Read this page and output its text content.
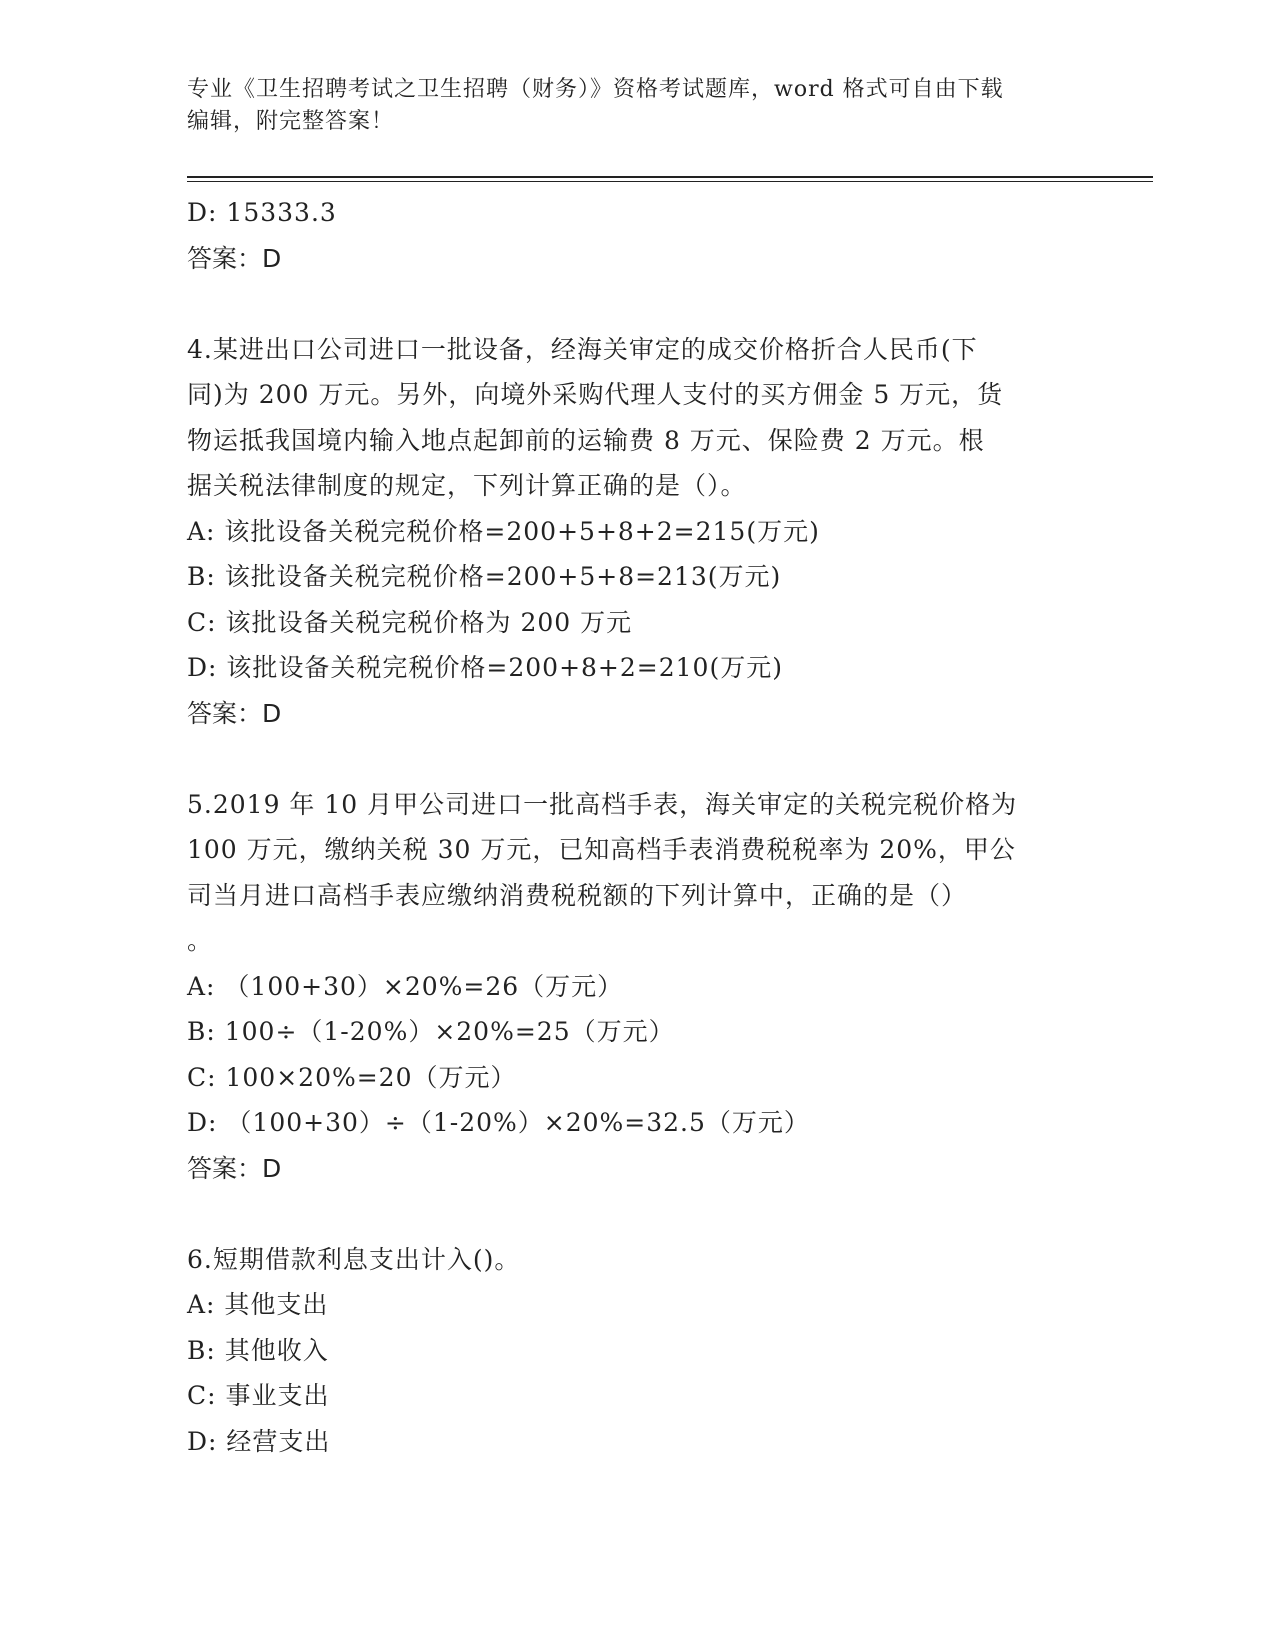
专业《卫生招聘考试之卫生招聘（财务）》资格考试题库，word 格式可自由下载
编辑，附完整答案！
D: 15333.3
答案：D
4.某进出口公司进口一批设备，经海关审定的成交价格折合人民币(下
同)为 200 万元。另外，向境外采购代理人支付的买方佣金 5 万元，货
物运抵我国境内输入地点起卸前的运输费 8 万元、保险费 2 万元。根
据关税法律制度的规定，下列计算正确的是（）。
A: 该批设备关税完税价格=200+5+8+2=215(万元)
B: 该批设备关税完税价格=200+5+8=213(万元)
C: 该批设备关税完税价格为 200 万元
D: 该批设备关税完税价格=200+8+2=210(万元)
答案：D
5.2019 年 10 月甲公司进口一批高档手表，海关审定的关税完税价格为
100 万元，缴纳关税 30 万元，已知高档手表消费税税率为 20%，甲公
司当月进口高档手表应缴纳消费税税额的下列计算中，正确的是（）
。
A: （100+30）×20%=26（万元）
B: 100÷（1-20%）×20%=25（万元）
C: 100×20%=20（万元）
D: （100+30）÷（1-20%）×20%=32.5（万元）
答案：D
6.短期借款利息支出计入()。
A: 其他支出
B: 其他收入
C: 事业支出
D: 经营支出
